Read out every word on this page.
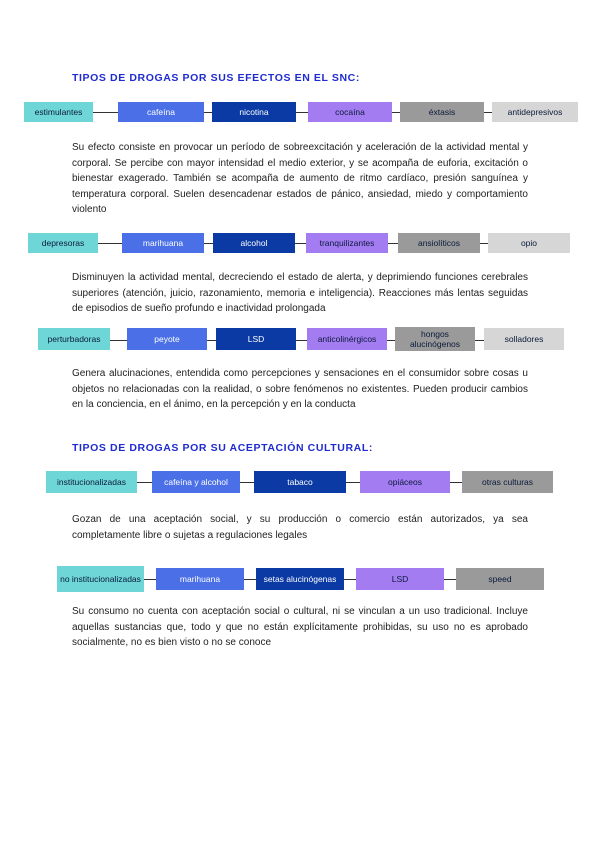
TIPOS DE DROGAS POR SUS EFECTOS EN EL SNC:
estimulantes	cafeína	nicotina	cocaína	éxtasis	antidepresivos
Su efecto consiste en provocar un período de sobreexcitación y aceleración de la actividad mental y corporal. Se percibe con mayor intensidad el medio exterior, y se acompaña de euforia, excitación o bienestar exagerado. También se acompaña de aumento de ritmo cardíaco, presión sanguínea y temperatura corporal. Suelen desencadenar estados de pánico, ansiedad, miedo y comportamiento violento
depresoras	marihuana	alcohol	tranquilizantes	ansiolíticos	opio
Disminuyen la actividad mental, decreciendo el estado de alerta, y deprimiendo funciones cerebrales superiores (atención, juicio, razonamiento, memoria e inteligencia). Reacciones más lentas seguidas de episodios de sueño profundo e inactividad prolongada
perturbadoras	peyote	LSD	anticolinérgicos	hongos alucinógenos	solladores
Genera alucinaciones, entendida como percepciones y sensaciones en el consumidor sobre cosas u objetos no relacionadas con la realidad, o sobre fenómenos no existentes. Pueden producir cambios en la conciencia, en el ánimo, en la percepción y en la conducta
TIPOS DE DROGAS POR SU ACEPTACIÓN CULTURAL:
institucionalizadas	cafeína y alcohol	tabaco	opiáceos	otras culturas
Gozan de una aceptación social, y su producción o comercio están autorizados, ya sea completamente libre o sujetas a regulaciones legales
no institucionalizadas	marihuana	setas alucinógenas	LSD	speed
Su consumo no cuenta con aceptación social o cultural, ni se vinculan a un uso tradicional. Incluye aquellas sustancias que, todo y que no están explícitamente prohibidas, su uso no es aprobado socialmente, no es bien visto o no se conoce
